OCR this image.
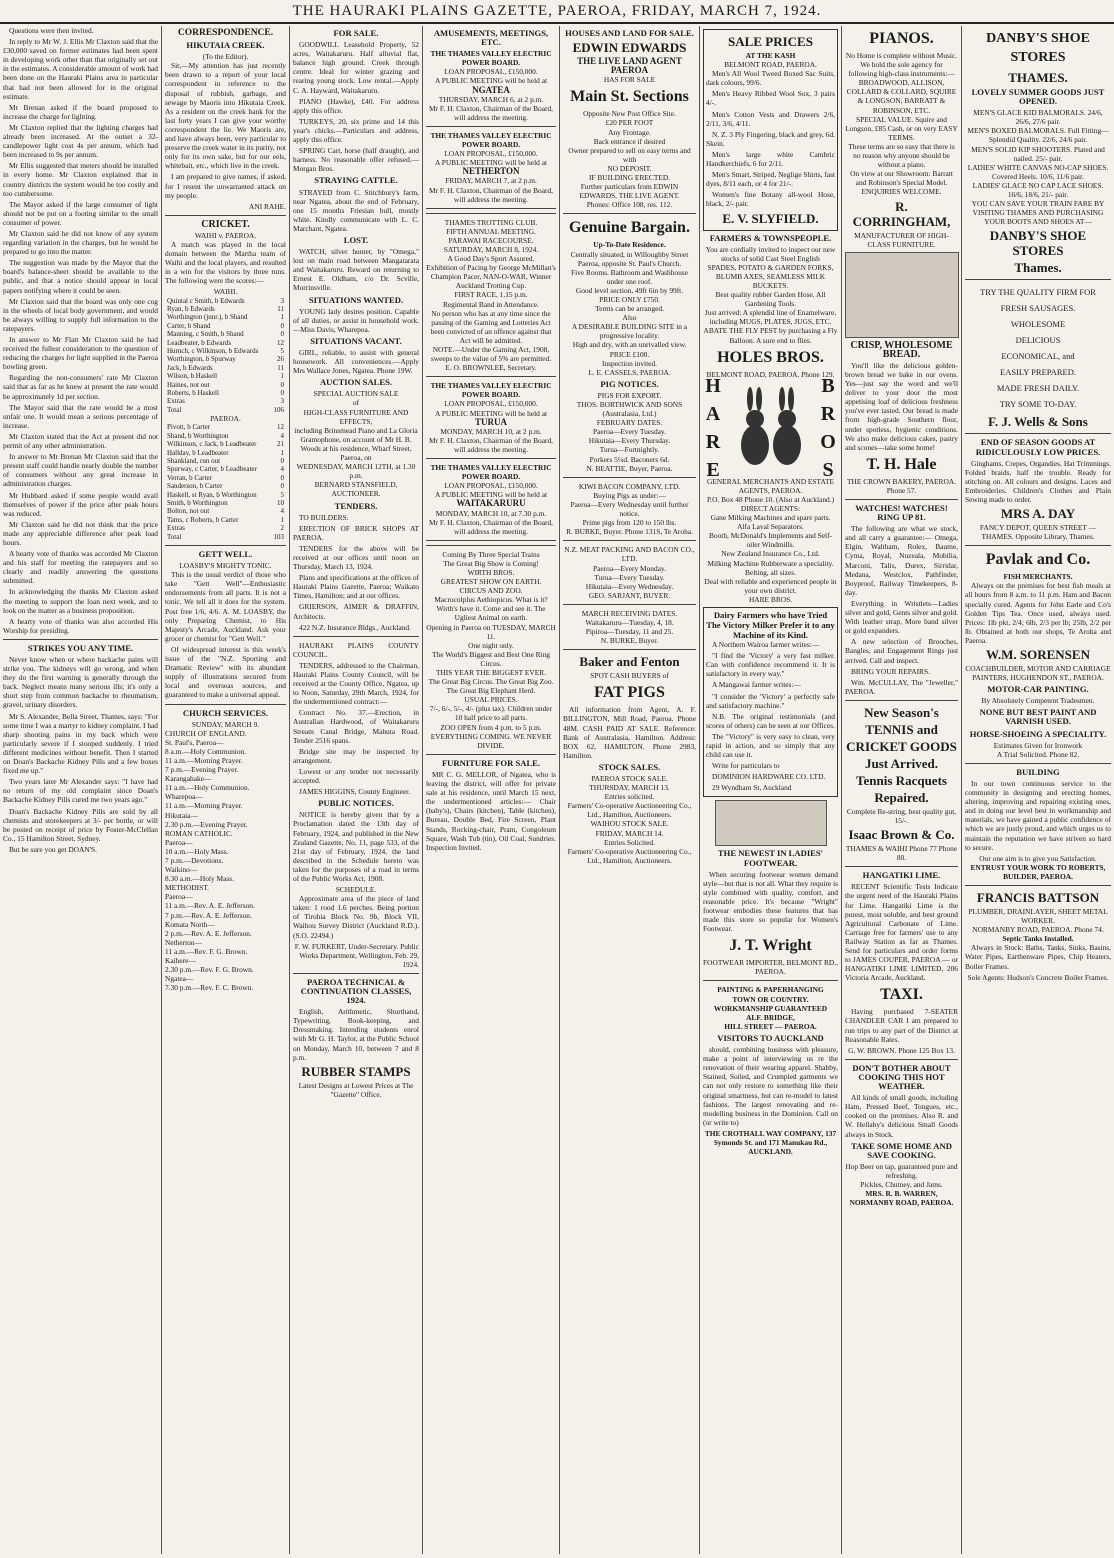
THE HAURAKI PLAINS GAZETTE, PAEROA, FRIDAY, MARCH 7, 1924.

Questions were then invited.

In reply to Mr W. J. Ellis Mr Claxton said that the £30,000 saved on former estimates had been spent in developing work other than that originally set out in the estimates. A considerable amount of work had been done on the Hauraki Plains area in particular that had not been allowed for in the original estimate.

Mr Brenan asked if the board proposed to increase the charge for lighting.

Mr Claxton replied that the lighting charges had already been increased. At the outset a 32-candlepower light cost 4s per annum, which had been increased to 9s per annum.

Mr Ellis suggested that meters should be installed in every home. Mr Claxton explained that in country districts the system would be too costly and too cumbersome.

The Mayor asked if the large consumer of light should not be put on a footing similar to the small consumer of power.

Mr Claxton said he did not know of any system regarding variation in the charges, but he would be prepared to go into the matter.

The suggestion was made by the Mayor that the board's balance-sheet should be available to the public, and that a notice should appear in local papers notifying where it could be seen.

Mr Claxton said that the board was only one cog in the wheels of local body government, and would be always willing to supply full information to the ratepayers.

In answer to Mr Flatt Mr Claxton said he had received the fullest consideration to the question of reducing the charges for light supplied in the Paeroa bowling green.

Regarding the non-consumers' rate Mr Claxton said that as far as he knew at present the rate would be approximately 1d per section.

The Mayor said that the rate would be a most unfair one. It would mean a serious percentage of increase.

Mr Claxton stated that the Act at present did not permit of any other administration.

In answer to Mr Brenan Mr Claxton said that the present staff could handle nearly double the number of consumers without any great increase in administration charges.

Mr Hubbard asked if some people would avail themselves of power if the price after peak hours was reduced.

Mr Claxton said he did not think that the price made any appreciable difference after peak load hours.

A hearty vote of thanks was accorded Mr Claxton and his staff for meeting the ratepayers and so clearly and readily answering the questions submitted.

In acknowledging the thanks Mr Claxton asked the meeting to support the loan next week, and to look on the matter as a business proposition.

A hearty vote of thanks was also accorded His Worship for presiding.

STRIKES YOU ANY TIME.

Never know when or where backache pains will strike you. The kidneys will go wrong, and when they do the first warning is generally through the back. Neglect means many serious ills; it's only a short step from common backache to rheumatism, gravel, urinary disorders.

Mr S. Alexander, Bella Street, Thames, says: "For some time I was a martyr to kidney complaint. I had sharp shooting pains in my back which were particularly severe if I stooped suddenly. I tried different medicines without benefit. Then I started on Doan's Backache Kidney Pills and a few boxes fixed me up."

Two years later Mr Alexander says: "I have had no return of my old complaint since Doan's Backache Kidney Pills cured me two years ago."

Doan's Backache Kidney Pills are sold by all chemists and storekeepers at 3/- per bottle, or will be posted on receipt of price by Foster-McClellan Co., 15 Hamilton Street, Sydney.

But be sure you get DOAN'S.

CORRESPONDENCE.
HIKUTAIA CREEK.
(To the Editor).

Sir,—My attention has just recently been drawn to a report of your local correspondent in reference to the disposal of rubbish, garbage, and sewage by Maoris into Hikutaia Creek. As a resident on the creek bank for the last forty years I can give your worthy correspondent the lie. We Maoris are, and have always been, very particular to preserve the creek water in its purity, not only for its own sake, but for our eels, whitebait, etc., which live in the creek.

I am prepared to give names, if asked, for I resent the unwarranted attack on my people.

ANI RAHE.
CRICKET.
WAIHI v. PAEROA.

A match was played in the local domain between the Martha team of Waihi and the local players, and resulted in a win for the visitors by three runs. The following were the scores:—

WAIHI.
Quintal c Smith, b Edwards	3
Ryan, b Edwards	11
Worthington (junr.), b Shand	1
Carter, b Shand	0
Manning, c Smith, b Shand	0
Leadbeater, b Edwards	12
Hurnch, c Wilkinson, b Edwards	5
Worthington, b Spurway	26
Jack, b Edwards	11
Wilson, b Haskell	1
Haines, not out	0
Roberts, b Haskell	0
Extras	3
Total	106
PAEROA.
Pivott, b Carter	12
Shand, b Worthington	4
Wilkinson, c Jack, b Leadbeater	21
Hallday, b Leadbeater	1
Shankland, run out	0
Spurway, c Carter, b Leadbeater	4
Verran, b Carter	0
Sanderson, b Carter	0
Haskell, st Ryan, b Worthington	5
Smith, b Worthington	10
Bolton, not out	4
Tams, c Roberts, b Carter	1
Extras	2
Total	103
GETT WELL.
LOASBY'S MIGHTY TONIC.

This is the usual verdict of those who take "Gett Well"—Enthusiastic endorsements from all parts. It is not a tonic. We tell all it does for the system. Post free 1/6, 4/6. A. M. LOASBY, the only Preparing Chemist, to His Majesty's Arcade, Auckland. Ask your grocer or chemist for "Gett Well."

Of widespread interest is this week's issue of the "N.Z. Sporting and Dramatic Review" with its abundant supply of illustrations secured from local and overseas sources, and guaranteed to make a universal appeal.

CHURCH SERVICES.
SUNDAY, MARCH 9.
CHURCH OF ENGLAND.
St. Paul's, Paeroa—
8 a.m.—Holy Communion.
11 a.m.—Morning Prayer.
7 p.m.—Evening Prayer.
Karangahake—
11 a.m.—Holy Communion.
Wharepoa—
11 a.m.—Morning Prayer.
Hikutaia—
2.30 p.m.—Evening Prayer.
ROMAN CATHOLIC.
Paeroa—
10 a.m.—Holy Mass.
7 p.m.—Devotions.
Waikino—
8.30 a.m.—Holy Mass.
METHODIST.
Paeroa—
11 a.m.—Rev. A. E. Jefferson.
7 p.m.—Rev. A. E. Jefferson.
Komata North—
2 p.m.—Rev. A. E. Jefferson.
Netherton—
11 a.m.—Rev. F. G. Brown.
Kaihere—
2.30 p.m.—Rev. F. G. Brown.
Ngatea—
7.30 p.m.—Rev. F. C. Brown.
FOR SALE.

GOODWILL Leasehold Property, 52 acres, Waitakaruru. Half alluvial flat, balance high ground. Creek through centre. Ideal for winter grazing and rearing young stock. Low rental.—Apply C. A. Hayward, Waitakaruru.

PIANO (Hawke), £40. For address apply this office.

TURKEYS, 20, six prime and 14 this year's chicks.—Particulars and address, apply this office.

SPRING Cart, horse (half draught), and harness. No reasonable offer refused.—Morgan Bros.

STRAYING CATTLE.

STRAYED from C. Stitchbury's farm, near Ngatea, about the end of February, one 15 months Friesian bull, mostly white. Kindly communicate with L. C. Marchant, Ngatea.

LOST.

WATCH, silver hunter, by "Omega," lost on main road between Mangatarata and Waitakaruru. Reward on returning to Ernest E. Oldham, c/o Dr. Scville, Morrinsville.

SITUATIONS WANTED.

YOUNG lady desires position. Capable of all duties, or assist in household work.—Miss Davis, Wharepoa.

SITUATIONS VACANT.

GIRL, reliable, to assist with general housework. All conveniences.—Apply Mrs Wallace Jones, Ngatea. Phone 19W.

AUCTION SALES.
SPECIAL AUCTION SALE
of
HIGH-CLASS FURNITURE AND EFFECTS,
including Brinsmead Piano and La Gloria Gramophone, on account of Mr H. B. Woods at his residence, Wharf Street, Paeroa, on
WEDNESDAY, MARCH 12TH, at 1.30 p.m.
BERNARD STANSFIELD, AUCTIONEER.
TENDERS.

TO BUILDERS.

ERECTION OF BRICK SHOPS AT PAEROA.

TENDERS for the above will be received at our offices until noon on Thursday, March 13, 1924.

Plans and specifications at the offices of Hauraki Plains Gazette, Paeroa; Waikato Times, Hamilton; and at our offices.

GRIERSON, AIMER & DRAFFIN, Architects.

422 N.Z. Insurance Bldgs., Auckland.

HAURAKI PLAINS COUNTY COUNCIL.

TENDERS, addressed to the Chairman, Hauraki Plains County Council, will be received at the County Office, Ngatea, up to Noon, Saturday, 29th March, 1924, for the undermentioned contract:—

Contract No. 37.—Erection, in Australian Hardwood, of Waitakaruru Stream Canal Bridge, Mahuta Road. Tender 2516 spans.

Bridge site may be inspected by arrangement.

Lowest or any tender not necessarily accepted.

JAMES HIGGINS, County Engineer.

PUBLIC NOTICES.

NOTICE is hereby given that by a Proclamation dated the 13th day of February, 1924, and published in the New Zealand Gazette, No. 11, page 533, of the 21st day of February, 1924, the land described in the Schedule hereto was taken for the purposes of a road in terms of the Public Works Act, 1908.

SCHEDULE.

Approximate area of the piece of land taken: 1 rood 1.6 perches. Being portion of Tirohia Block No. 9b, Block VII, Waihou Survey District (Auckland R.D.). (S.O. 22494.)

F. W. FURKERT, Under-Secretary. Public Works Department, Wellington, Feb. 29, 1924.
PAEROA TECHNICAL & CONTINUATION CLASSES, 1924.

English, Arithmetic, Shorthand, Typewriting, Book-keeping, and Dressmaking. Intending students enrol with Mr G. H. Taylor, at the Public School on Monday, March 10, between 7 and 8 p.m.

RUBBER STAMPS
Latest Designs at Lowest Prices at The "Gazette" Office.
AMUSEMENTS, MEETINGS, ETC.
THE THAMES VALLEY ELECTRIC POWER BOARD.
LOAN PROPOSAL, £150,000.
A PUBLIC MEETING will be held at
NGATEA
THURSDAY, MARCH 6, at 2 p.m.
Mr F. H. Claxton, Chairman of the Board, will address the meeting.
THE THAMES VALLEY ELECTRIC POWER BOARD.
LOAN PROPOSAL, £150,000.
A PUBLIC MEETING will be held at
NETHERTON
FRIDAY, MARCH 7, at 2 p.m.
Mr F. H. Claxton, Chairman of the Board, will address the meeting.
THAMES TROTTING CLUB.
FIFTH ANNUAL MEETING.
PARAWAI RACECOURSE.
SATURDAY, MARCH 8, 1924.
A Good Day's Sport Assured.
Exhibition of Pacing by George McMillan's Champion Pacer, NAN-O-WAR, Winner Auckland Trotting Cup.
FIRST RACE, 1.15 p.m.
Regimental Band in Attendance.
No person who has at any time since the passing of the Gaming and Lotteries Act been convicted of an offence against that Act will be admitted.
NOTE.—Under the Gaming Act, 1908, sweeps to the value of 5% are permitted.
E. O. BROWNLEE, Secretary.
THE THAMES VALLEY ELECTRIC POWER BOARD.
LOAN PROPOSAL, £150,000.
A PUBLIC MEETING will be held at
TURUA
MONDAY, MARCH 10, at 2 p.m.
Mr F. H. Claxton, Chairman of the Board, will address the meeting.
THE THAMES VALLEY ELECTRIC POWER BOARD.
LOAN PROPOSAL, £150,000.
A PUBLIC MEETING will be held at
WAITAKARURU
MONDAY, MARCH 10, at 7.30 p.m.
Mr F. H. Claxton, Chairman of the Board, will address the meeting.
Coming By Three Special Trains
The Great Big Show is Coming!
WIRTH BROS.
GREATEST SHOW ON EARTH.
CIRCUS AND ZOO.
Macrocolplus Aethiopicus. What is it? Wirth's have it. Come and see it. The Ugliest Animal on earth.
Opening in Paeroa on TUESDAY, MARCH 11.
One night only.
The World's Biggest and Best One Ring Circus.
THIS YEAR THE BIGGEST EVER.
The Great Big Circus. The Great Big Zoo. The Great Big Elephant Herd.
USUAL PRICES.
7/-, 6/-, 5/-, 4/- (plus tax). Children under 10 half price to all parts.
ZOO OPEN from 4 p.m. to 5 p.m.
EVERYTHING COMING. WE NEVER DIVIDE.
FURNITURE FOR SALE.

MR C. G. MELLOR, of Ngatea, who is leaving the district, will offer for private sale at his residence, until March 15 next, the undermentioned articles:— Chair (baby's), Chairs (kitchen), Table (kitchen), Bureau, Double Bed, Fire Screen, Plant Stands, Rocking-chair, Pram, Congoleum Square, Wash Tub (tin), Oil Coal, Sundries. Inspection Invited.

HOUSES AND LAND FOR SALE.
EDWIN EDWARDS
THE LIVE LAND AGENT PAEROA
HAS FOR SALE
Main St. Sections
Opposite New Post Office Site.
£20 PER FOOT
Any Frontage.
Back entrance if desired
Owner prepared to sell on easy terms and with
NO DEPOSIT.
IF BUILDING ERECTED.
Further particulars from EDWIN EDWARDS, THE LIVE AGENT.
Phones: Office 108, res. 112.
Genuine Bargain.
Up-To-Date Residence.
Centrally situated, in Willoughby Street Paeroa, opposite St. Paul's Church.
Five Rooms. Bathroom and Washhouse under one roof.
Good level section, 49ft 6in by 99ft.
PRICE ONLY £750.
Terms can be arranged.
Also
A DESIRABLE BUILDING SITE in a progressive locality.
High and dry, with an unrivalled view.
PRICE £100.
Inspection invited.
L. E. CASSELS, PAEROA.
PIG NOTICES.
PIGS FOR EXPORT.
THOS. BORTHWICK AND SONS (Australasia, Ltd.)
FEBRUARY DATES.
Paeroa—Every Tuesday.
Hikutaia—Every Thursday.
Turua—Fortnightly.
Porkers 5¼d. Baconers 6d.
N. BEATTIE, Buyer, Paeroa.
KIWI BACON COMPANY, LTD.
Buying Pigs as under:—
Paeroa—Every Wednesday until further notice.
Prime pigs from 120 to 150 lbs.
R. BURKE, Buyer. Phone 131S, Te Aroha.
N.Z. MEAT PACKING AND BACON CO., LTD.
Paeroa—Every Monday.
Turua—Every Tuesday.
Hikutaia—Every Wednesday.
GEO. SARJANT, BUYER.
MARCH RECEIVING DATES.
Waitakaruru—Tuesday, 4, 18.
Pipiroa—Tuesday, 11 and 25.
N. BURKE, Buyer.
Baker and Fenton
SPOT CASH BUYERS of
FAT PIGS

All information from Agent, A. F. BILLINGTON, Mill Road, Paeroa. Phone 48M. CASH PAID AT SALE. Reference: Bank of Australasia, Hamilton. Address: BOX 62, HAMILTON. Phone 2983, Hamilton.

STOCK SALES.
PAEROA STOCK SALE.
THURSDAY, MARCH 13.
Entries solicited.
Farmers' Co-operative Auctioneering Co., Ltd., Hamilton, Auctioneers.
WAIHOU STOCK SALE.
FRIDAY, MARCH 14.
Entries Solicited.
Farmers' Co-operative Auctioneering Co., Ltd., Hamilton, Auctioneers.
SALE PRICES
AT THE KASH
BELMONT ROAD, PAEROA.

Men's All Wool Tweed Boxed Sac Suits, dark colours, 99/6.

Men's Heavy Ribbed Wool Sox, 3 pairs 4/-.

Men's Cotton Vests and Drawers 2/6, 2/11, 3/6, 4/11.

N. Z. 3 Ply Fingering, black and grey, 6d. Skein.

Men's large white Cambric Handkerchiefs, 6 for 2/11.

Men's Smart, Striped, Neglige Shirts, fast dyes, 8/11 each, or 4 for 21/-.

Women's fine Botany all-wool Hose, black, 2/- pair.

E. V. SLYFIELD.
FARMERS & TOWNSPEOPLE.
You are cordially invited to inspect our new stocks of solid Cast Steel English
SPADES, POTATO & GARDEN FORKS, BLUMB AXES, SEAMLESS MILK BUCKETS.
Best quality rubber Garden Hose. All Gardening Tools.
Just arrived: A splendid line of Enamelware, including MUGS, PLATES, JUGS, ETC.
ABATE THE FLY PEST by purchasing a Fly Balloon. A sure end to flies.
HOLES BROS.
BELMONT ROAD, PAEROA. Phone 129.
H
A
R
E
B
R
O
S
GENERAL MERCHANTS AND ESTATE AGENTS, PAEROA.
P.O. Box 48 Phone 10. (Also at Auckland.)
DIRECT AGENTS:
Gane Milking Machines and spare parts.
Alfa Laval Separators.
Booth, McDonald's Implements and Self-oiler Windmills.
New Zealand Insurance Co., Ltd.
Milking Machine Rubberware a speciality. Belting, all sizes.
Deal with reliable and experienced people in your own district.
HARE BROS.
Dairy Farmers who have Tried The Victory Milker Prefer it to any Machine of its Kind.

A Northern Wairoa farmer writes:—

"I find the 'Victory' a very fast milker. Can with confidence recommend it. It is satisfactory in every way."

A Mangawai farmer writes:—

"I consider the 'Victory' a perfectly safe and satisfactory machine."

N.B. The original testimonials (and scores of others) can be seen at our Offices.

The "Victory" is very easy to clean, very rapid in action, and so simply that any child can use it.

Write for particulars to

DOMINION HARDWARE CO. LTD.

29 Wyndham St, Auckland

THE NEWEST IN LADIES' FOOTWEAR.

When securing footwear women demand style—but that is not all. What they require is style combined with quality, comfort, and reasonable price. It's because "Wright" footwear embodies these features that has made this store so popular for Women's Footwear.

J. T. Wright
FOOTWEAR IMPORTER, BELMONT RD., PAEROA.
PAINTING & PAPERHANGING
TOWN OR COUNTRY.
WORKMANSHIP GUARANTEED
ALF. BRIDGE,
HILL STREET — PAEROA.
VISITORS TO AUCKLAND

should, combining business with pleasure, make a point of interviewing us re the renovation of their wearing apparel. Shabby, Stained, Soiled, and Crumpled garments we can not only restore to something like their original smartness, but can re-model to latest fashions. The largest renovating and re-modelling business in the Dominion. Call on (or write to)

THE CROTHALL WAY COMPANY, 137 Symonds St. and 171 Manukau Rd., AUCKLAND.
PIANOS.
No Home is complete without Music.
We hold the sole agency for following high-class instruments:— BROADWOOD, ALLISON, COLLARD & COLLARD, SQUIRE & LONGSON, BARRATT & ROBINSON, ETC.
SPECIAL VALUE. Squire and Longson, £85 Cash, or on very EASY TERMS.
These terms are so easy that there is no reason why anyone should be without a piano.
On view at our Showroom: Barratt and Robinson's Special Model.
ENQUIRIES WELCOME.
R. CORRINGHAM,
MANUFACTURER OF HIGH-CLASS FURNITURE.
CRISP, WHOLESOME BREAD.

You'll like the delicious golden-brown bread we bake in our ovens. Yes—just say the word and we'll deliver to your door the most appetising loaf of delicious freshness you've ever tasted. Our bread is made from high-grade Southern flour, under spotless, hygienic conditions. We also make delicious cakes, pastry and scones—take some home!

T. H. Hale
THE CROWN BAKERY, PAEROA. Phone 57.
WATCHES! WATCHES! RING UP 81.

The following are what we stock, and all carry a guarantee:— Omega, Elgin, Waltham, Rolex, Baume, Cyma, Royal, Nuzeala, Mobilia, Marconi, Talis, Durex, Sirridar, Medana, Westclox, Pathfinder, Boyproof, Railway Timekeepers, 8-day.

Everything in Wristlets—Ladies silver and gold, Gents silver and gold. With leather strap, More band silver or gold expanders.

A new selection of Brooches, Bangles, and Engagement Rings just arrived. Call and inspect.

BRING YOUR REPAIRS.

Wm. McCULLAY, The "Jeweller," PAEROA.

New Season's
TENNIS and
CRICKET GOODS
Just Arrived.
Tennis Racquets
Repaired.
Complete Re-string, best quality gut, 15/-.
Isaac Brown & Co.
THAMES & WAIHI Phone 77 Phone 80.
HANGATIKI LIME.

RECENT Scientific Tests Indicate the urgent need of the Hauraki Plains for Lime. Hangatiki Lime is the purest, most soluble, and best ground Agricultural Carbonate of Lime. Carriage free for farmers' use to any Railway Station as far as Thames. Send for particulars and order forms to JAMES COUPER, PAEROA — or HANGATIKI LIME LIMITED, 206 Victoria Arcade, Auckland.

TAXI.

Having purchased 7-SEATER CHANDLER CAR I am prepared to run trips to any part of the District at Reasonable Rates.

G. W. BROWN. Phone 125 Box 13.
DON'T BOTHER ABOUT COOKING THIS HOT WEATHER.

All kinds of small goods, including Ham, Pressed Beef, Tongues, etc., cooked on the premises. Also R. and W. Hellaby's delicious Small Goods always in Stock.

TAKE SOME HOME AND SAVE COOKING.
Hop Beer on tap, guaranteed pure and refreshing.
Pickles, Chutney, and Jams.
MRS. R. B. WARREN, NORMANBY ROAD, PAEROA.
DANBY'S SHOE STORES
THAMES.
LOVELY SUMMER GOODS JUST OPENED.
MEN'S GLACE KID BALMORALS. 24/6, 26/6, 27/6 pair.
MEN'S BOXED BALMORALS. Full Fitting—Splendid Quality. 22/6, 24/6 pair.
MEN'S SOLID KIP SHOOTERS. Plated and nailed. 25/- pair.
LADIES' WHITE CANVAS NO-CAP SHOES. Covered Heels. 10/6, 11/6 pair.
LADIES' GLACE NO CAP LACE SHOES. 16/6, 18/6, 21/- pair.
YOU CAN SAVE YOUR TRAIN FARE BY VISITING THAMES AND PURCHASING YOUR BOOTS AND SHOES AT—
DANBY'S SHOE STORES
Thames.
TRY THE QUALITY FIRM FOR
FRESH SAUSAGES.
WHOLESOME
DELICIOUS
ECONOMICAL, and
EASILY PREPARED.
MADE FRESH DAILY.
TRY SOME TO-DAY.
F. J. Wells & Sons
END OF SEASON GOODS AT RIDICULOUSLY LOW PRICES.

Ginghams, Crepes, Organdies. Hat Trimmings. Folded braids, half the trouble. Ready for stitching on. All colours and designs. Laces and Embroideries. Children's Clothes and Plain Sewing made to order.

MRS A. DAY
FANCY DEPOT, QUEEN STREET — THAMES. Opposite Library, Thames.
Pavlak and Co.
FISH MERCHANTS.

Always on the premises for best fish meals at all hours from 8 a.m. to 11 p.m. Ham and Bacon specially cured. Agents for John Earle and Co's Golden Tips Tea. Once used, always used. Prices: 1lb pkt, 2/4; 6lb, 2/3 per lb; 25lb, 2/2 per lb. Obtained at both our shops, Te Aroha and Paeroa.

W.M. SORENSEN
COACHBUILDER, MOTOR AND CARRIAGE PAINTERS, HUGHENDON ST., PAEROA.
MOTOR-CAR PAINTING.
By Absolutely Competent Tradesmen.
NONE BUT BEST PAINT AND VARNISH USED.
HORSE-SHOEING A SPECIALITY.
Estimates Given for Ironwork
A Trial Solicited. Phone 82.
BUILDING

In our town continuous service to the community in designing and erecting homes, altering, improving and repairing existing ones, and in doing our level best in workmanship and materials, we have gained a public confidence of which we are justly proud, and which urges us to maintain the reputation we have striven so hard to secure.

Our one aim is to give you Satisfaction.
ENTRUST YOUR WORK TO ROBERTS, BUILDER, PAEROA.
FRANCIS BATTSON
PLUMBER, DRAINLAYER, SHEET METAL WORKER.
NORMANBY ROAD, PAEROA. Phone 74.
Septic Tanks Installed.

Always in Stock: Baths, Tanks, Sinks, Basins, Water Pipes, Earthenware Pipes, Chip Heaters, Boiler Frames.

Sole Agents: Hudson's Concrete Boiler Frames.
